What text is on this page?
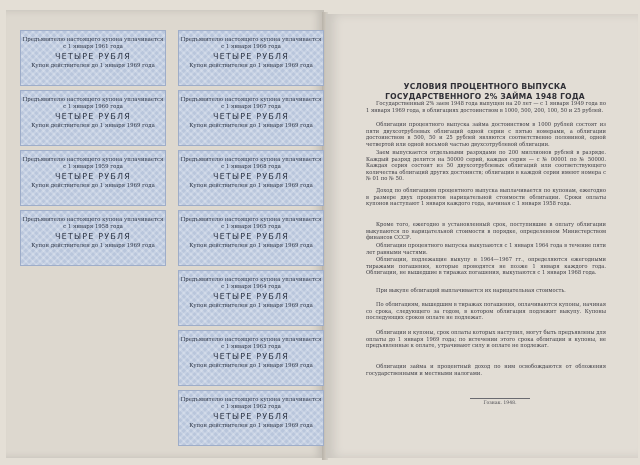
Предъявителю настоящего купона уплачивается
с 1 января 1961 года
ЧЕТЫРЕ РУБЛЯ
Купон действителен до 1 января 1969 года
Предъявителю настоящего купона уплачивается
с 1 января 1960 года
ЧЕТЫРЕ РУБЛЯ
Купон действителен до 1 января 1969 года
Предъявителю настоящего купона уплачивается
с 1 января 1959 года
ЧЕТЫРЕ РУБЛЯ
Купон действителен до 1 января 1969 года
Предъявителю настоящего купона уплачивается
с 1 января 1958 года
ЧЕТЫРЕ РУБЛЯ
Купон действителен до 1 января 1969 года
Предъявителю настоящего купона уплачивается
с 1 января 1966 года
ЧЕТЫРЕ РУБЛЯ
Купон действителен до 1 января 1969 года
Предъявителю настоящего купона уплачивается
с 1 января 1967 года
ЧЕТЫРЕ РУБЛЯ
Купон действителен до 1 января 1969 года
Предъявителю настоящего купона уплачивается
с 1 января 1968 года
ЧЕТЫРЕ РУБЛЯ
Купон действителен до 1 января 1969 года
Предъявителю настоящего купона уплачивается
с 1 января 1965 года
ЧЕТЫРЕ РУБЛЯ
Купон действителен до 1 января 1969 года
Предъявителю настоящего купона уплачивается
с 1 января 1964 года
ЧЕТЫРЕ РУБЛЯ
Купон действителен до 1 января 1969 года
Предъявителю настоящего купона уплачивается
с 1 января 1963 года
ЧЕТЫРЕ РУБЛЯ
Купон действителен до 1 января 1969 года
Предъявителю настоящего купона уплачивается
с 1 января 1962 года
ЧЕТЫРЕ РУБЛЯ
Купон действителен до 1 января 1969 года
УСЛОВИЯ ПРОЦЕНТНОГО ВЫПУСКА
ГОСУДАРСТВЕННОГО 2% ЗАЙМА 1948 ГОДА

Государственный 2% заем 1948 года выпущен на 20 лет — с 1 января 1949 года по 1 января 1969 года, в облигациях достоинством в 1000, 500, 200, 100, 50 и 25 рублей.

Облигации процентного выпуска займа достоинством в 1000 рублей состоят из пяти двухсотрублевых облигаций одной серии с пятью номерами, а облигации достоинством в 500, 50 и 25 рублей являются соответственно половиной, одной четвертой или одной восьмой частью двухсотрублевой облигации.

Заем выпускается отдельными разрядами по 200 миллионов рублей в разряде. Каждый разряд делится на 50000 серий, каждая серия — с № 00001 по № 50000. Каждая серия состоит из 50 двухсотрублевых облигаций или соответствующего количества облигаций других достоинств; облигации в каждой серии имеют номера с № 01 по № 50.

Доход по облигациям процентного выпуска выплачивается по купонам, ежегодно в размере двух процентов нарицательной стоимости облигации. Сроки оплаты купонов наступают 1 января каждого года, начиная с 1 января 1958 года.

Кроме того, ежегодно в установленный срок, поступившие в оплату облигации выкупаются по нарицательной стоимости в порядке, определенном Министерством финансов СССР.

Облигации процентного выпуска выкупаются с 1 января 1964 года в течение пяти лет равными частями.

Облигации, подлежащие выкупу в 1964—1967 гг., определяются ежегодными тиражами погашения, которые проводятся не позже 1 января каждого года. Облигации, не вышедшие в тиражах погашения, выкупаются с 1 января 1968 года.

При выкупе облигаций выплачивается их нарицательная стоимость.

По облигациям, вышедшим в тиражах погашения, оплачиваются купоны, начиная со срока, следующего за годом, в котором облигация подлежит выкупу. Купоны последующих сроков оплате не подлежат.

Облигации и купоны, срок оплаты которых наступил, могут быть предъявлены для оплаты до 1 января 1969 года; по истечении этого срока облигации и купоны, не предъявленные к оплате, утрачивают силу и оплате не подлежат.

Облигации займа и процентный доход по ним освобождаются от обложения государственными и местными налогами.

Гознак. 1948.
